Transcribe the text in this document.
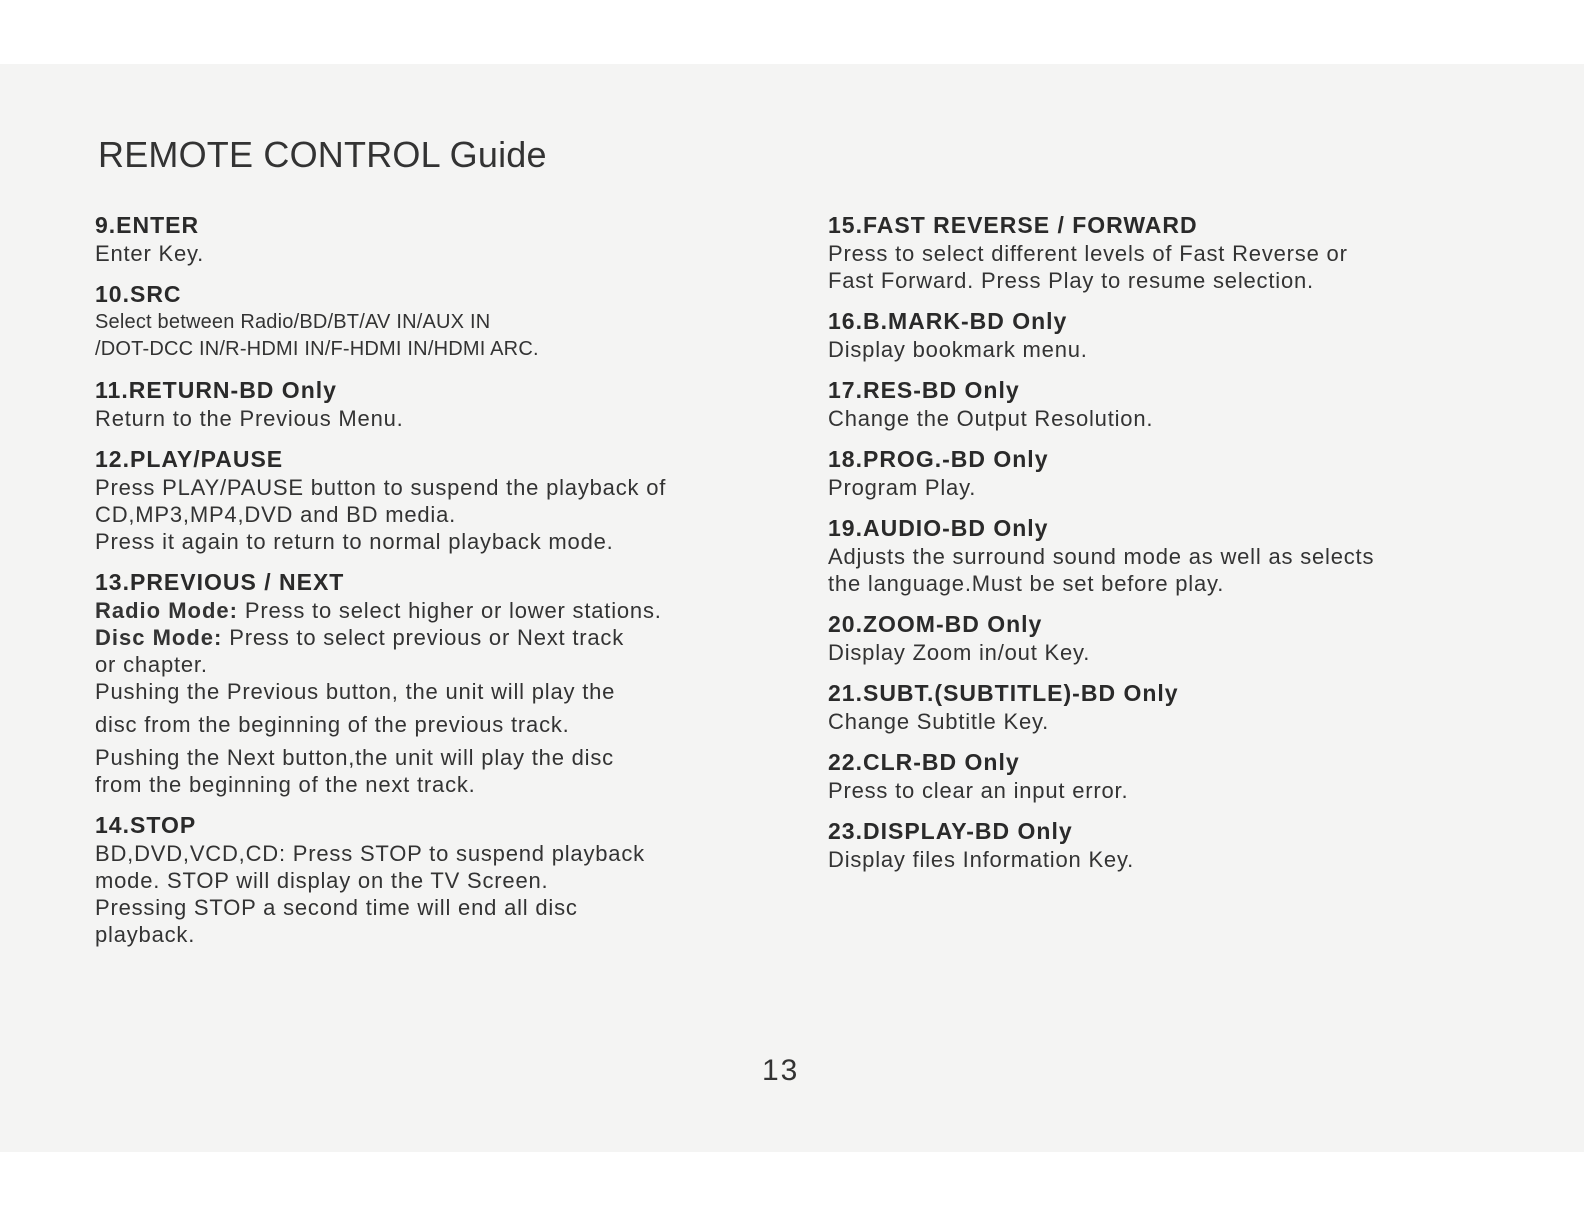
REMOTE CONTROL Guide
9.ENTER
Enter Key.
10.SRC
Select between Radio/BD/BT/AV IN/AUX IN
/DOT-DCC IN/R-HDMI IN/F-HDMI IN/HDMI ARC.
11.RETURN-BD Only
Return to the Previous Menu.
12.PLAY/PAUSE
Press PLAY/PAUSE button to suspend the playback of
CD,MP3,MP4,DVD and BD media.
Press it again to return to normal playback mode.
13.PREVIOUS / NEXT
Radio Mode: Press to select higher or lower stations.
Disc Mode: Press to select previous or Next track
or chapter.
Pushing the Previous button, the unit will play the
disc from the beginning of the previous track.
Pushing the Next button,the unit will play the disc
from the beginning of the next track.
14.STOP
BD,DVD,VCD,CD: Press STOP to suspend playback
mode. STOP will display on the TV Screen.
Pressing STOP a second time will end all disc
playback.
15.FAST REVERSE / FORWARD
Press to select different levels of Fast Reverse or
Fast Forward. Press Play to resume selection.
16.B.MARK-BD Only
Display bookmark menu.
17.RES-BD Only
Change the Output Resolution.
18.PROG.-BD Only
Program Play.
19.AUDIO-BD Only
Adjusts the surround sound mode as well as selects
the language.Must be set before play.
20.ZOOM-BD Only
Display Zoom in/out Key.
21.SUBT.(SUBTITLE)-BD Only
Change Subtitle Key.
22.CLR-BD Only
Press to clear an input error.
23.DISPLAY-BD Only
Display files Information Key.
13
